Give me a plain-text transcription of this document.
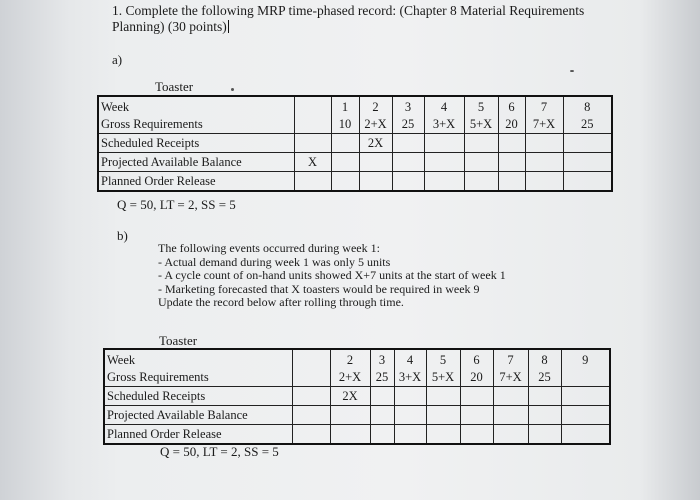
1. Complete the following MRP time-phased record: (Chapter 8 Material Requirements Planning) (30 points)
a)
Toaster
Week		1	2	3	4	5	6	7	8
Gross Requirements		10	2+X	25	3+X	5+X	20	7+X	25
Scheduled Receipts			2X						
Projected Available Balance	X								
Planned Order Release									
Q = 50, LT = 2, SS = 5
b)
The following events occurred during week 1:
- Actual demand during week 1 was only 5 units
- A cycle count of on-hand units showed X+7 units at the start of week 1
- Marketing forecasted that X toasters would be required in week 9
Update the record below after rolling through time.
Toaster
Week		2	3	4	5	6	7	8	9
Gross Requirements		2+X	25	3+X	5+X	20	7+X	25	
Scheduled Receipts		2X							
Projected Available Balance									
Planned Order Release									
Q = 50, LT = 2, SS = 5
